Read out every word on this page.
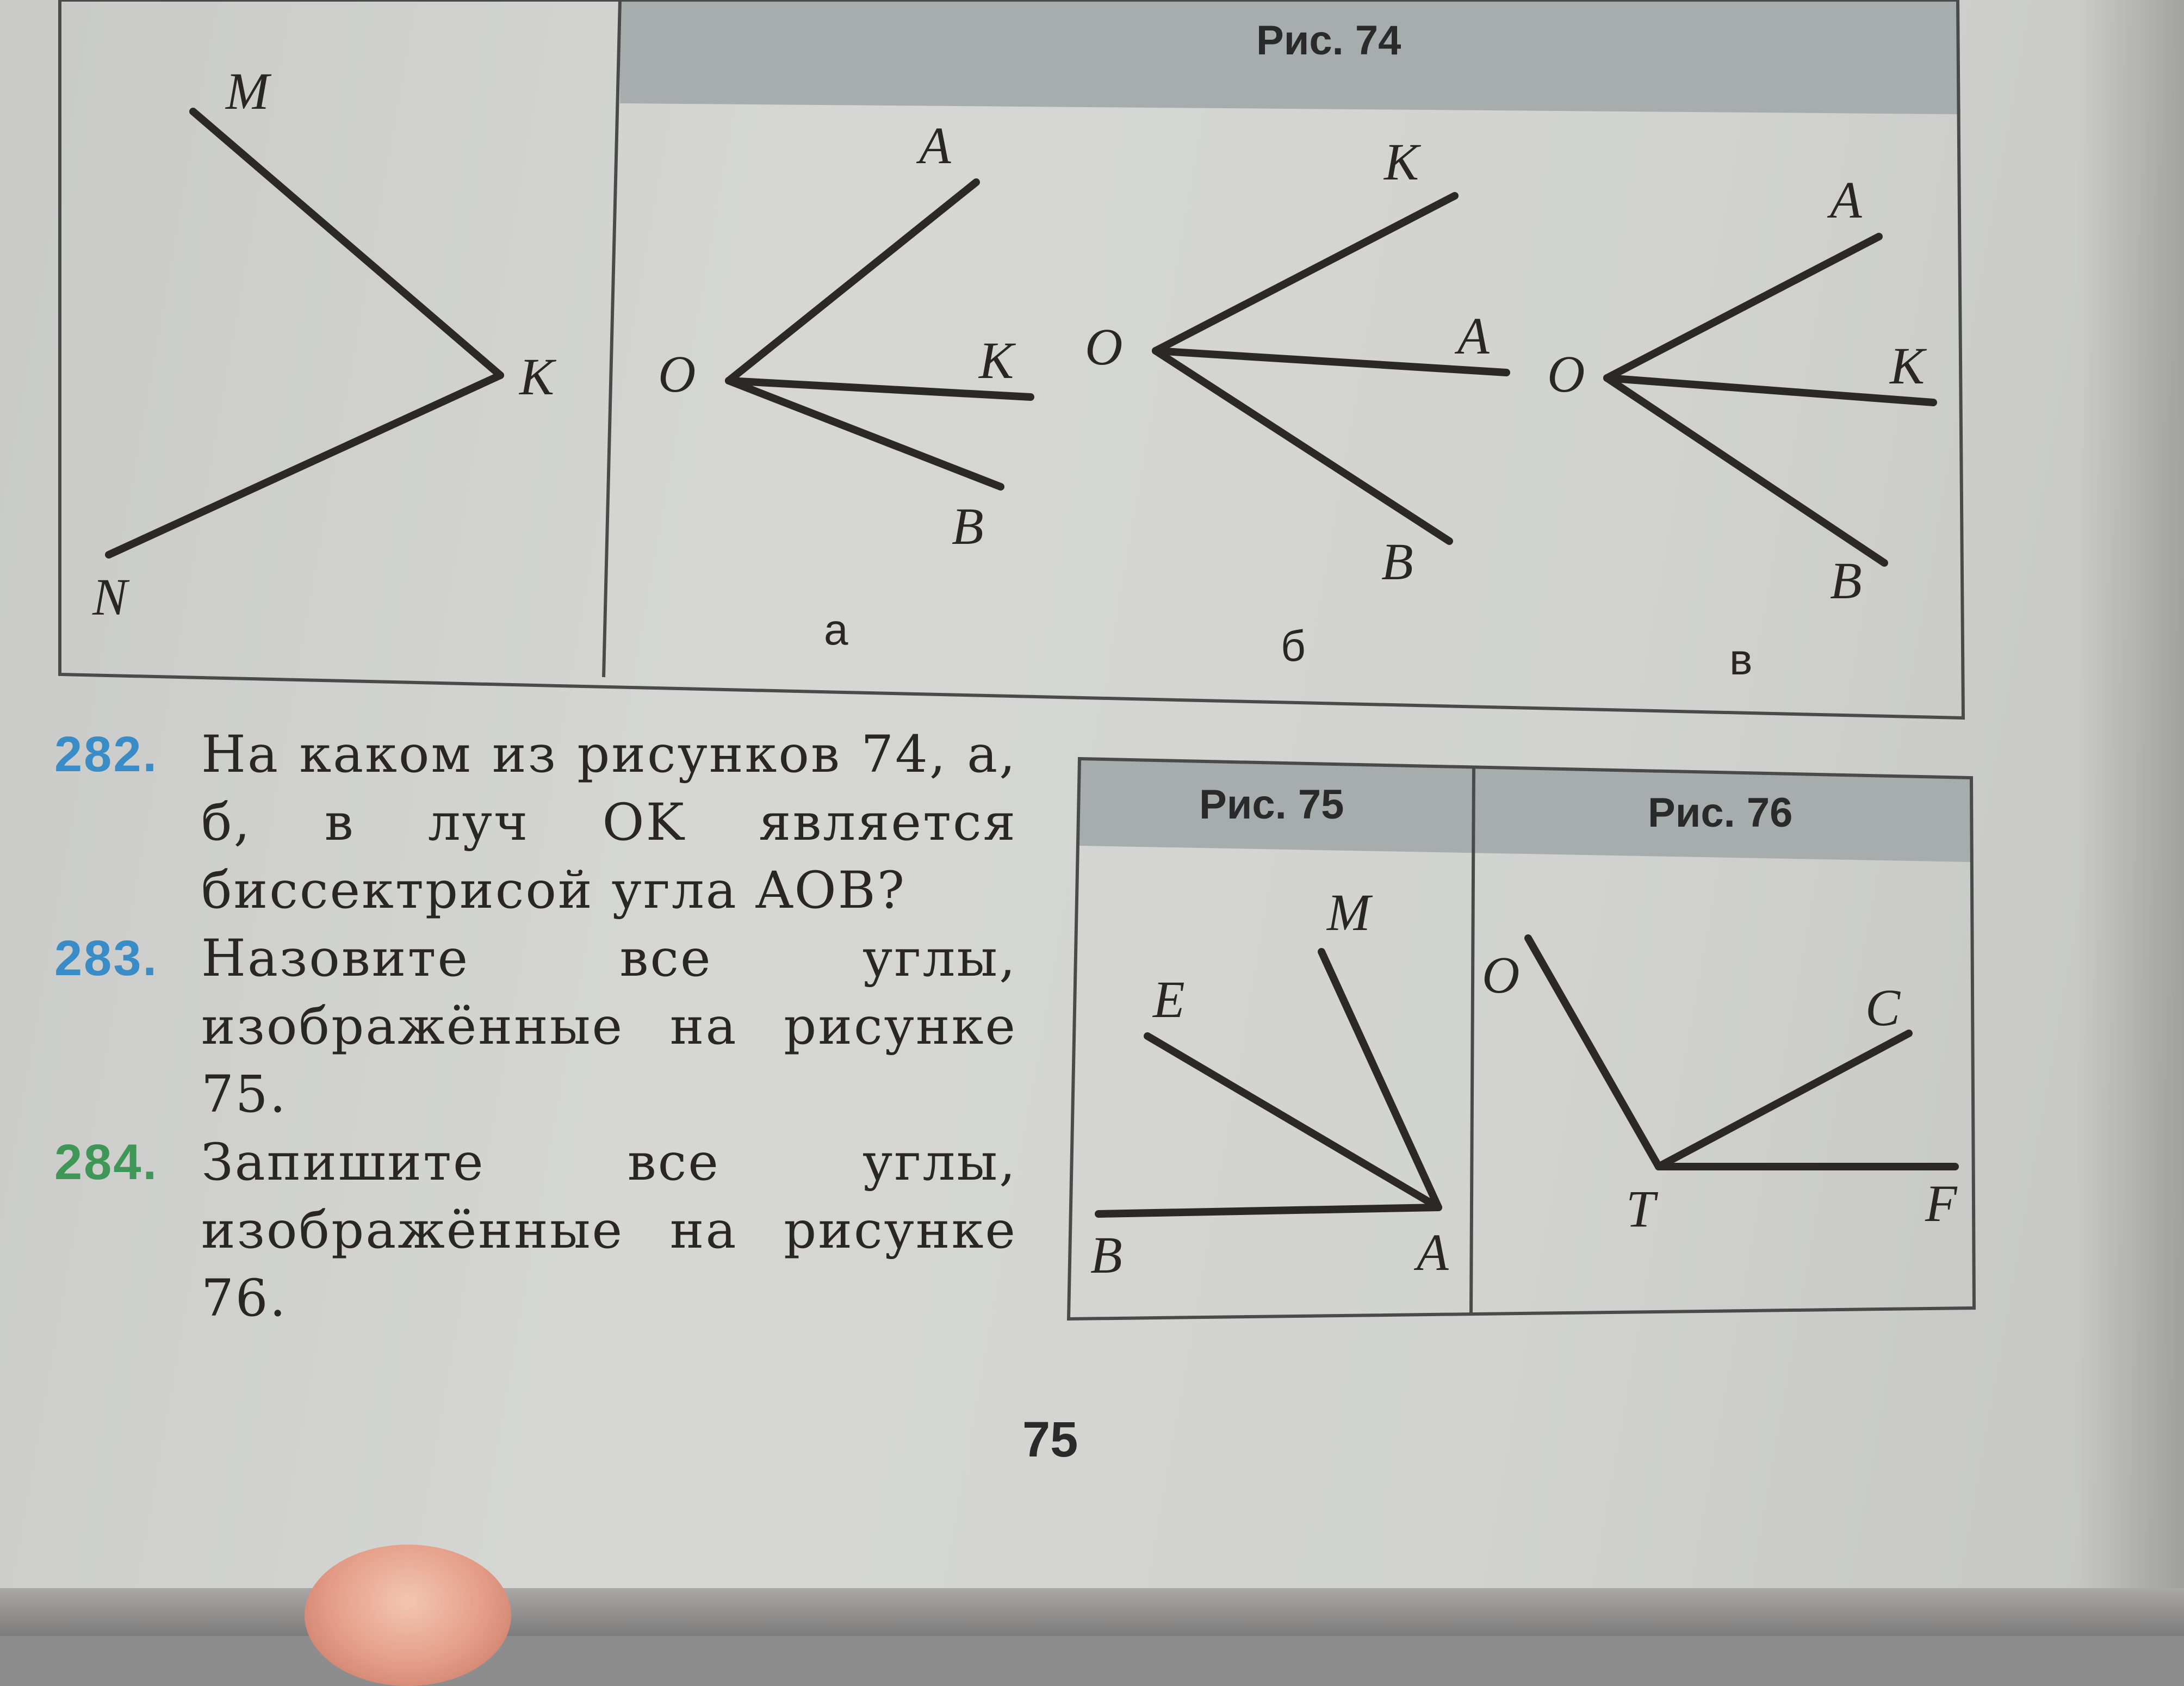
Рис. 74
M
K
N
O
A
K
B
а
O
K
A
B
б
O
A
K
B
в
Рис. 75
M
E
B	A
Рис. 76
O
C
T	F
282. На каком из рисунков 74, а, б, в луч OK является биссектрисой угла AOB?
283. Назовите все углы, изображённые на рисунке 75.
284. Запишите все углы, изображённые на рисунке 76.
75
